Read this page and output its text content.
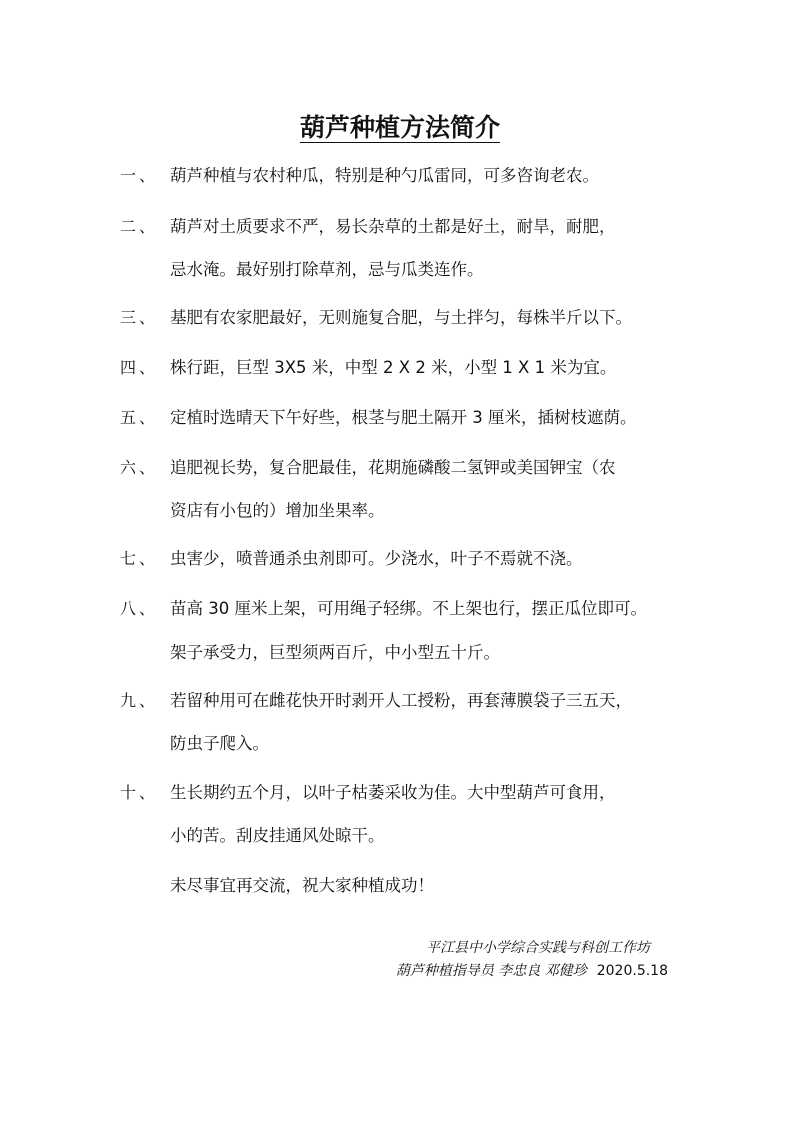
葫芦种植方法简介
一、 葫芦种植与农村种瓜，特别是种勺瓜雷同，可多咨询老农。
二、 葫芦对土质要求不严，易长杂草的土都是好土，耐旱，耐肥，
忌水淹。最好别打除草剂，忌与瓜类连作。
三、 基肥有农家肥最好，无则施复合肥，与土拌匀，每株半斤以下。
四、 株行距，巨型 3X5 米，中型 2 X 2 米，小型 1 X 1 米为宜。
五、 定植时选晴天下午好些，根茎与肥土隔开 3 厘米，插树枝遮荫。
六、 追肥视长势，复合肥最佳，花期施磷酸二氢钾或美国钾宝（农
资店有小包的）增加坐果率。
七、 虫害少，喷普通杀虫剂即可。少浇水，叶子不焉就不浇。
八、 苗高 30 厘米上架，可用绳子轻绑。不上架也行，摆正瓜位即可。
架子承受力，巨型须两百斤，中小型五十斤。
九、 若留种用可在雌花快开时剥开人工授粉，再套薄膜袋子三五天，
防虫子爬入。
十、 生长期约五个月，以叶子枯萎采收为佳。大中型葫芦可食用，
小的苦。刮皮挂通风处晾干。
未尽事宜再交流，祝大家种植成功！
平江县中小学综合实践与科创工作坊
葫芦种植指导员 李忠良 邓健珍 2020.5.18
